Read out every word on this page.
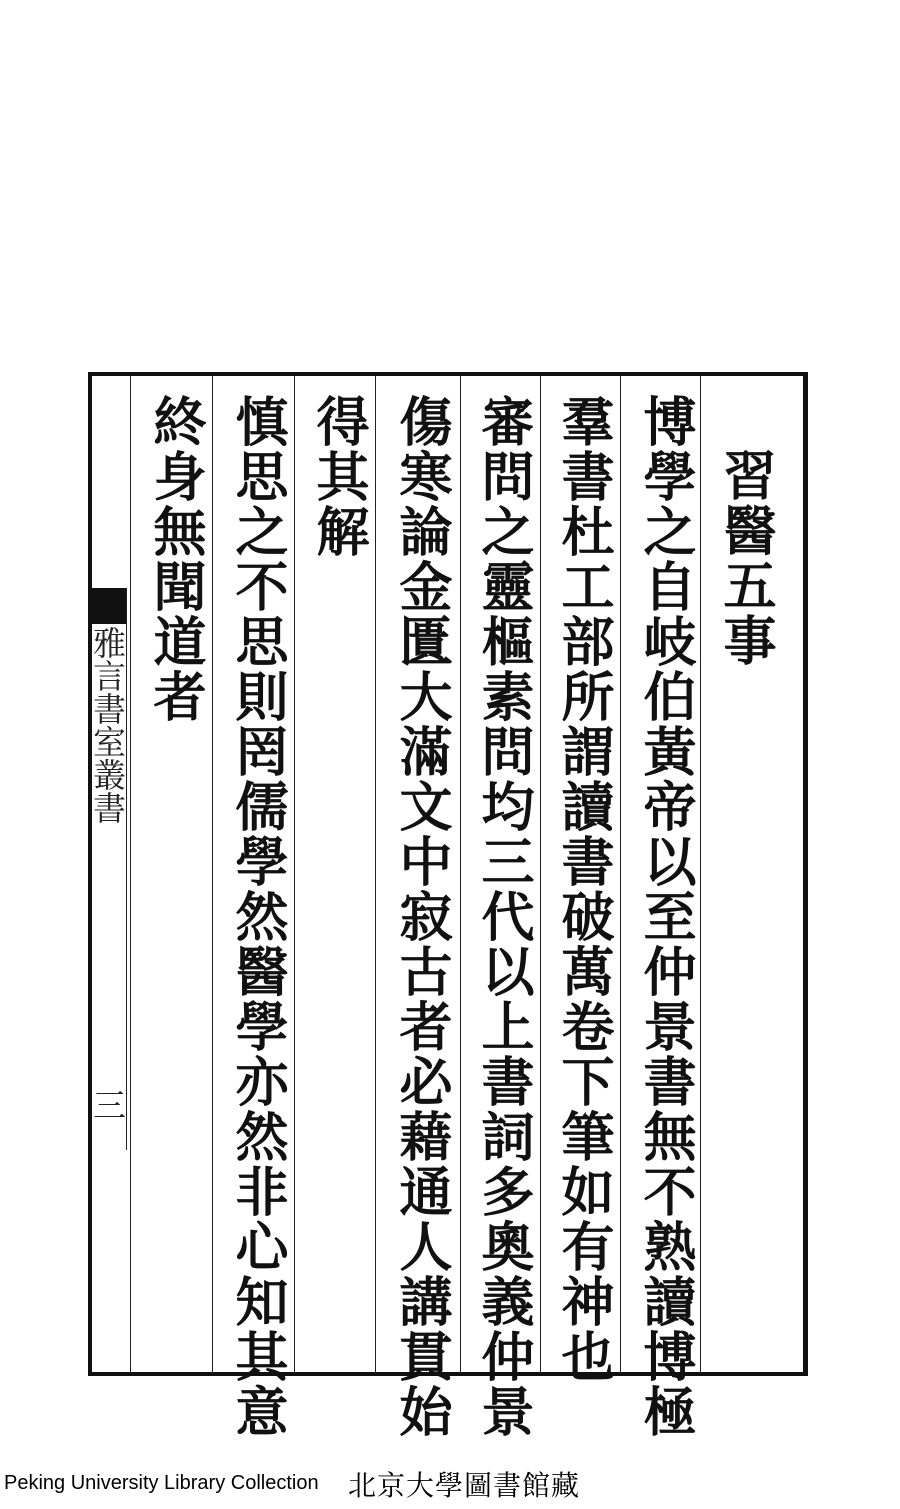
習醫五事
博學之自岐伯黃帝以至仲景書無不熟讀博極
羣書杜工部所謂讀書破萬卷下筆如有神也
審問之靈樞素問均三代以上書詞多奧義仲景
傷寒論金匱大滿文中寂古者必藉通人講貫始
得其解
慎思之不思則罔儒學然醫學亦然非心知其意
終身無聞道者
雅言書室叢書
三
Peking University Library Collection 北京大學圖書館藏
